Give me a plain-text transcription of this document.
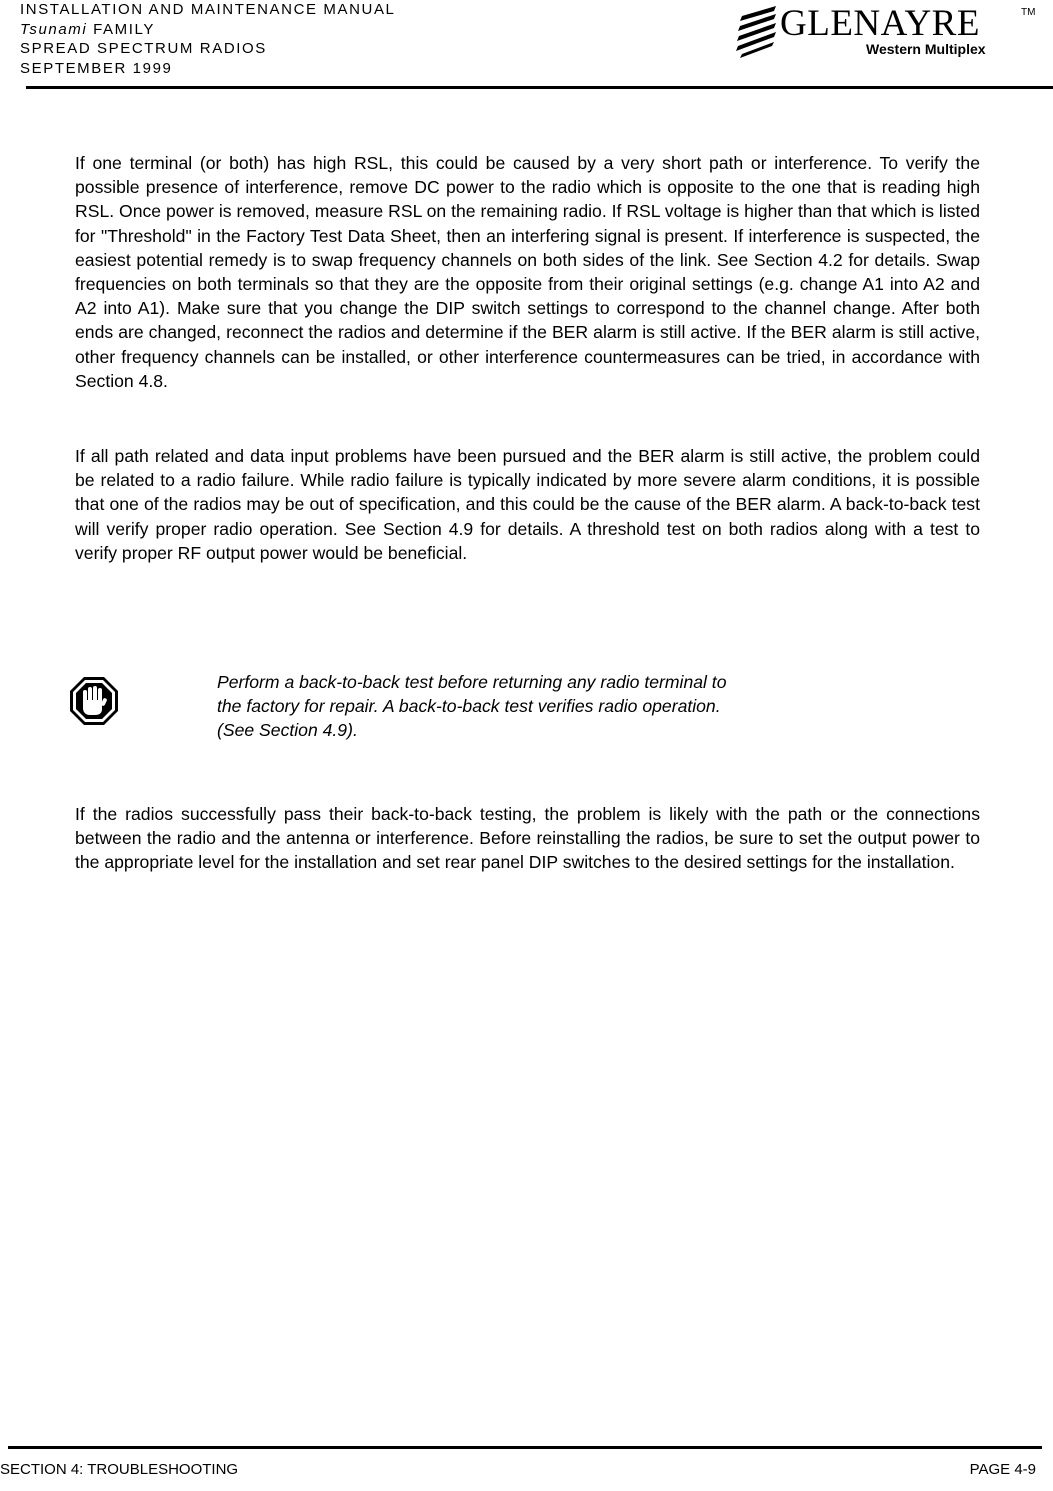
INSTALLATION AND MAINTENANCE MANUAL
Tsunami FAMILY
SPREAD SPECTRUM RADIOS
SEPTEMBER 1999
GLENAYRE	TM
Western Multiplex

If one terminal (or both) has high RSL, this could be caused by a very short path or interference. To verify the possible presence of interference, remove DC power to the radio which is opposite to the one that is reading high RSL. Once power is removed, measure RSL on the remaining radio. If RSL voltage is higher than that which is listed for "Threshold" in the Factory Test Data Sheet, then an interfering signal is present. If interference is suspected, the easiest potential remedy is to swap frequency channels on both sides of the link. See Section 4.2 for details. Swap frequencies on both terminals so that they are the opposite from their original settings (e.g. change A1 into A2 and A2 into A1). Make sure that you change the DIP switch settings to correspond to the channel change. After both ends are changed, reconnect the radios and determine if the BER alarm is still active. If the BER alarm is still active, other frequency channels can be installed, or other interference countermeasures can be tried, in accordance with Section 4.8.

If all path related and data input problems have been pursued and the BER alarm is still active, the problem could be related to a radio failure. While radio failure is typically indicated by more severe alarm conditions, it is possible that one of the radios may be out of specification, and this could be the cause of the BER alarm. A back-to-back test will verify proper radio operation. See Section 4.9 for details. A threshold test on both radios along with a test to verify proper RF output power would be beneficial.

Perform a back-to-back test before returning any radio terminal to
the factory for repair. A back-to-back test verifies radio operation.
(See Section 4.9).

If the radios successfully pass their back-to-back testing, the problem is likely with the path or the connections between the radio and the antenna or interference. Before reinstalling the radios, be sure to set the output power to the appropriate level for the installation and set rear panel DIP switches to the desired settings for the installation.

SECTION 4: TROUBLESHOOTING	PAGE 4-9
